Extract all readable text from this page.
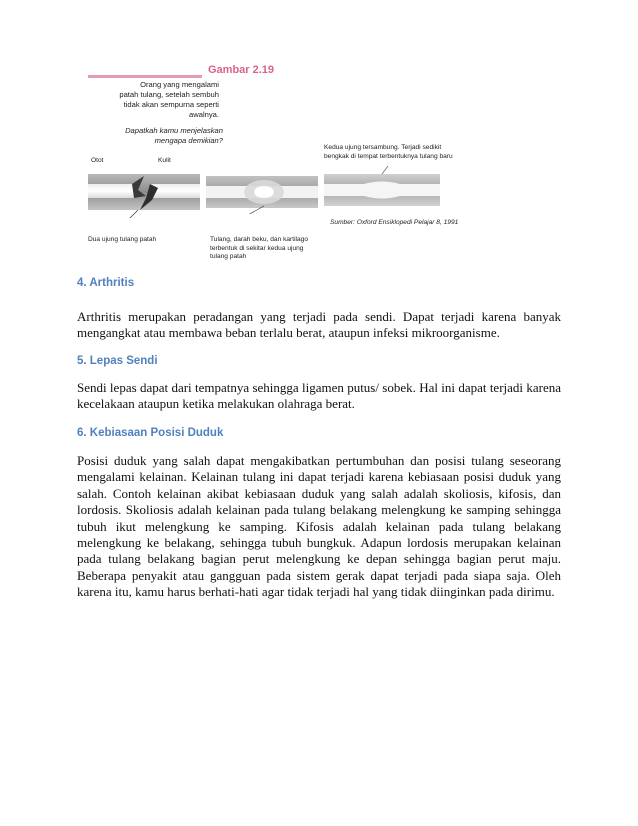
Gambar 2.19
Orang yang mengalami
patah tulang, setelah sembuh
tidak akan sempurna seperti
awalnya.
Dapatkah kamu menjelaskan
mengapa demikian?
Otot	Kulit
Dua ujung tulang patah	Tulang, darah beku, dan kartilago
terbentuk di sekitar kedua ujung
tulang patah
Kedua ujung tersambung. Terjadi sedikit
bengkak di tempat terbentuknya tulang baru
Sumber: Oxford Ensiklopedi Pelajar 8, 1991
4. Arthritis

Arthritis merupakan peradangan yang terjadi pada sendi. Dapat terjadi karena banyak mengangkat atau membawa beban terlalu berat, ataupun infeksi mikroorganisme.

5. Lepas Sendi

Sendi lepas dapat dari tempatnya sehingga ligamen putus/ sobek. Hal ini dapat terjadi karena kecelakaan ataupun ketika melakukan olahraga berat.

6. Kebiasaan Posisi Duduk

Posisi duduk yang salah dapat mengakibatkan pertumbuhan dan posisi tulang seseorang mengalami kelainan. Kelainan tulang ini dapat terjadi karena kebiasaan posisi duduk yang salah. Contoh kelainan akibat kebiasaan duduk yang salah adalah skoliosis, kifosis, dan lordosis. Skoliosis adalah kelainan pada tulang belakang melengkung ke samping sehingga tubuh ikut melengkung ke samping. Kifosis adalah kelainan pada tulang belakang melengkung ke belakang, sehingga tubuh bungkuk. Adapun lordosis merupakan kelainan pada tulang belakang bagian perut melengkung ke depan sehingga bagian perut maju. Beberapa penyakit atau gangguan pada sistem gerak dapat terjadi pada siapa saja. Oleh karena itu, kamu harus berhati-hati agar tidak terjadi hal yang tidak diinginkan pada dirimu.
